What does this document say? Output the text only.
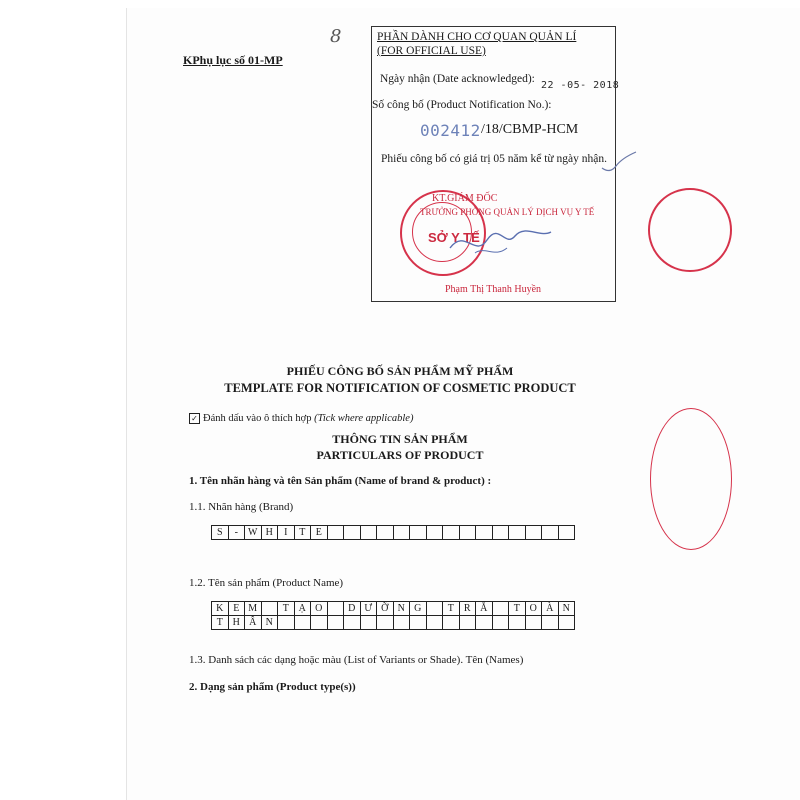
KPhụ lục số 01-MP
8	PHẦN DÀNH CHO CƠ QUAN QUẢN LÍ
(FOR OFFICIAL USE)
Ngày nhận (Date acknowledged):
22 -05- 2018
Số công bố (Product Notification No.):
002412 /18/CBMP-HCM
Phiếu công bố có giá trị 05 năm kể từ ngày nhận.
SỞ Y TẾ
KT.GIÁM ĐỐC
TRƯỞNG PHÒNG QUẢN LÝ DỊCH VỤ Y TẾ
Phạm Thị Thanh Huyền
PHIẾU CÔNG BỐ SẢN PHẨM MỸ PHẨM
TEMPLATE FOR NOTIFICATION OF COSMETIC PRODUCT
✓ Đánh dấu vào ô thích hợp (Tick where applicable)
THÔNG TIN SẢN PHẨM
PARTICULARS OF PRODUCT
1. Tên nhãn hàng và tên Sản phẩm (Name of brand & product) :
1.1. Nhãn hàng (Brand)
S	-	W H	I	T	E
1.2. Tên sản phẩm (Product Name)
K E M	T Ạ O	D Ư Ỡ N G	T	R Ắ	T O À N
T H Â N
1.3. Danh sách các dạng hoặc màu (List of Variants or Shade). Tên (Names)
2. Dạng sản phẩm (Product type(s))
